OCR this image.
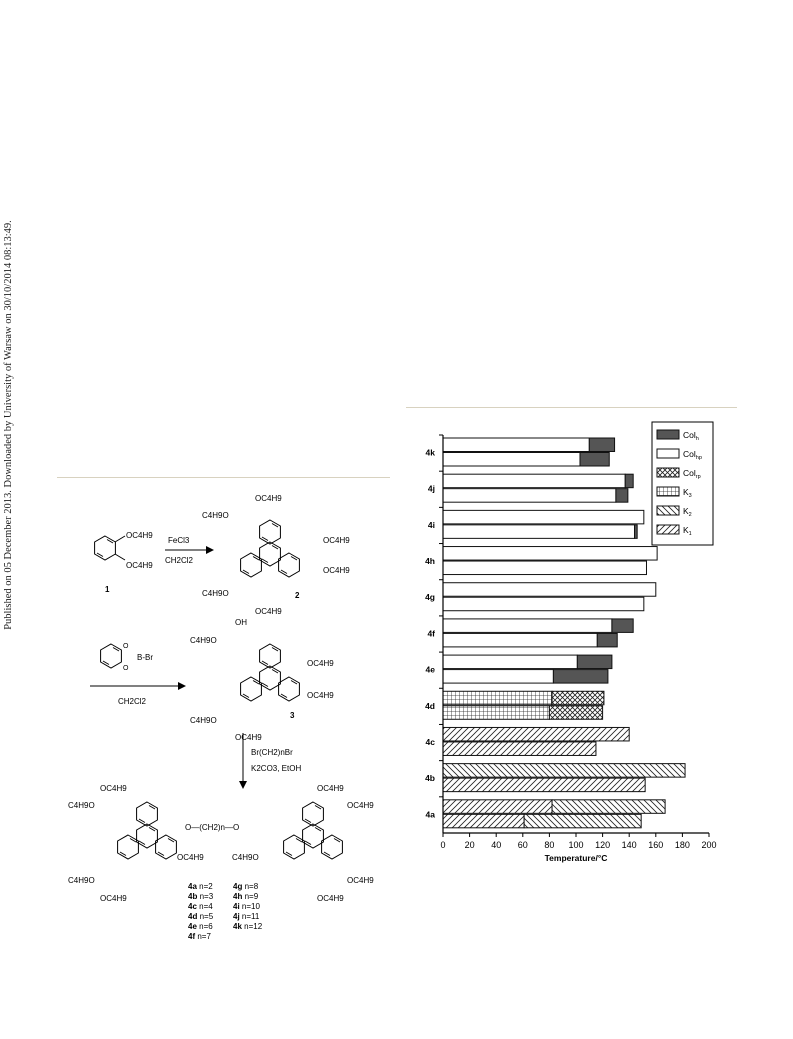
Published on 05 December 2013. Downloaded by University of Warsaw on 30/10/2014 08:13:49.	OC4H9
OC4H9
1
FeCl3
CH2Cl2
OC4H9
C4H9O
OC4H9
OC4H9
C4H9O
OC4H9
2
O
O
B-Br
CH2Cl2
OH
C4H9O
OC4H9
OC4H9
C4H9O
OC4H9
3
Br(CH2)nBr
K2CO3, EtOH
O—(CH2)n—O
OC4H9
C4H9O
OC4H9
C4H9O
OC4H9
OC4H9
OC4H9
C4H9O
OC4H9
OC4H9
4a n=2
4b n=3
4c n=4
4d n=5
4e n=6
4f n=7
4g n=8
4h n=9
4i n=10
4j n=11
4k n=12
4k
4j
4i
4h
4g
4f
4e
4d
4c
4b
4a
0 20 40 60 80 100 120 140 160 180 200
Temperature/°C
Col$_h$
Col$_{hp}$
Col$_{rp}$
$K_3$
$K_2$
$K_1$
